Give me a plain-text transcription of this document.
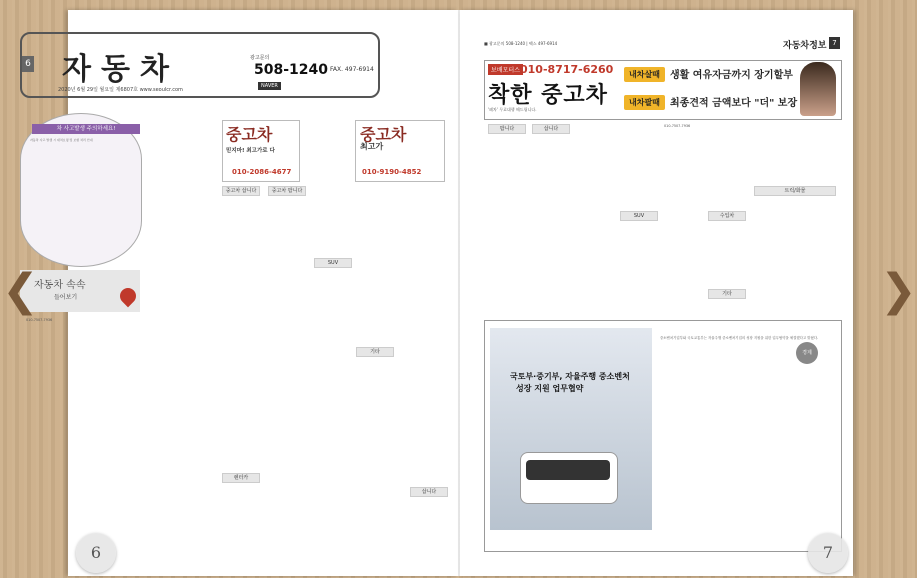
6 자동차
2020년 6월 29일 월요일 제6807호 www.seoulcr.com
광고문의
508-1240 FAX. 497-6914
NAVER
차 사고발생 주의하세요!
자동차 사고 발생 시 대처요령 및 보험 처리 안내
자동차 속속
들어보기
010-7507-7936
중고차
믿지마! 최고가로 다
010-2086-4677
중고차
최고가
010-9190-4852
중고차 삽니다	중고차 팝니다
기타
SUV
렌터카
삽니다
■ 광고문의 508-1240 | 팩스 497-6914	자동차정보 7
보배모터스 010-8717-6260
착한 중고차
'폐차' 무료대행 해드립니다.
내차살때
내차팔때
생활 여유자금까지 장기할부
최종견적 금액보다 "더" 보장
팝니다	삽니다
SUV	수입차
트럭/화물
기타
010-7507-7936
국토부·중기부, 자율주행 중소벤처
성장 지원 업무협약
중소벤처기업부와 국토교통부는 자율주행 중소벤처기업의 성장 지원을 위한 업무협약을 체결했다고 밝혔다.
경제
❮	❯
6	7
